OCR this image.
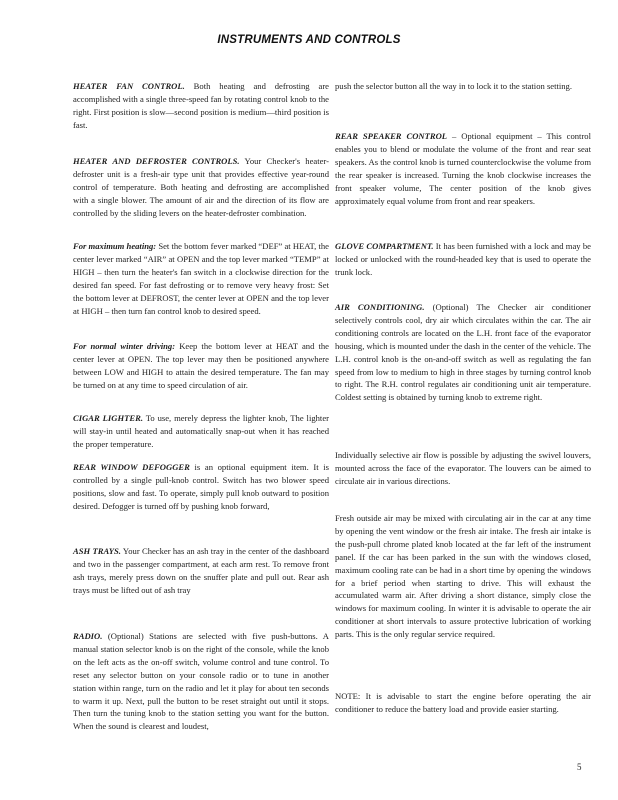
INSTRUMENTS AND CONTROLS

HEATER FAN CONTROL. Both heating and defrosting are accomplished with a single three-speed fan by rotating control knob to the right. First position is slow—second position is medium—third position is fast.

HEATER AND DEFROSTER CONTROLS. Your Checker's heater-defroster unit is a fresh-air type unit that provides effective year-round control of temperature. Both heating and defrosting are accomplished with a single blower. The amount of air and the direction of its flow are controlled by the sliding levers on the heater-defroster combination.

For maximum heating: Set the bottom fever marked “DEF” at HEAT, the center lever marked “AIR” at OPEN and the top lever marked “TEMP” at HIGH – then turn the heater's fan switch in a clockwise direction for the desired fan speed. For fast defrosting or to remove very heavy frost: Set the bottom lever at DEFROST, the center lever at OPEN and the top lever at HIGH – then turn fan control knob to desired speed.

For normal winter driving: Keep the bottom lever at HEAT and the center lever at OPEN. The top lever may then be positioned anywhere between LOW and HIGH to attain the desired temperature. The fan may be turned on at any time to speed circulation of air.

CIGAR LIGHTER. To use, merely depress the lighter knob, The lighter will stay-in until heated and automatically snap-out when it has reached the proper temperature.

REAR WINDOW DEFOGGER is an optional equipment item. It is controlled by a single pull-knob control. Switch has two blower speed positions, slow and fast. To operate, simply pull knob outward to position desired. Defogger is turned off by pushing knob forward,

ASH TRAYS. Your Checker has an ash tray in the center of the dashboard and two in the passenger compartment, at each arm rest. To remove front ash trays, merely press down on the snuffer plate and pull out. Rear ash trays must be lifted out of ash tray

RADIO. (Optional) Stations are selected with five push-buttons. A manual station selector knob is on the right of the console, while the knob on the left acts as the on-off switch, volume control and tune control. To reset any selector button on your console radio or to tune in another station within range, turn on the radio and let it play for about ten seconds to warm it up. Next, pull the button to be reset straight out until it stops. Then turn the tuning knob to the station setting you want for the button. When the sound is clearest and loudest,

push the selector button all the way in to lock it to the station setting.

REAR SPEAKER CONTROL – Optional equipment – This control enables you to blend or modulate the volume of the front and rear seat speakers. As the control knob is turned counterclockwise the volume from the rear speaker is increased. Turning the knob clockwise increases the front speaker volume, The center position of the knob gives approximately equal volume from front and rear speakers.

GLOVE COMPARTMENT. It has been furnished with a lock and may be locked or unlocked with the round-headed key that is used to operate the trunk lock.

AIR CONDITIONING. (Optional) The Checker air conditioner selectively controls cool, dry air which circulates within the car. The air conditioning controls are located on the L.H. front face of the evaporator housing, which is mounted under the dash in the center of the vehicle. The L.H. control knob is the on-and-off switch as well as regulating the fan speed from low to medium to high in three stages by turning control knob to right. The R.H. control regulates air conditioning unit air temperature. Coldest setting is obtained by turning knob to extreme right.

Individually selective air flow is possible by adjusting the swivel louvers, mounted across the face of the evaporator. The louvers can be aimed to circulate air in various directions.

Fresh outside air may be mixed with circulating air in the car at any time by opening the vent window or the fresh air intake. The fresh air intake is the push-pull chrome plated knob located at the far left of the instrument panel. If the car has been parked in the sun with the windows closed, maximum cooling rate can be had in a short time by opening the windows for a brief period when starting to drive. This will exhaust the accumulated warm air. After driving a short distance, simply close the windows for maximum cooling. In winter it is advisable to operate the air conditioner at short intervals to assure protective lubrication of working parts. This is the only regular service required.

NOTE: It is advisable to start the engine before operating the air conditioner to reduce the battery load and provide easier starting.

5
